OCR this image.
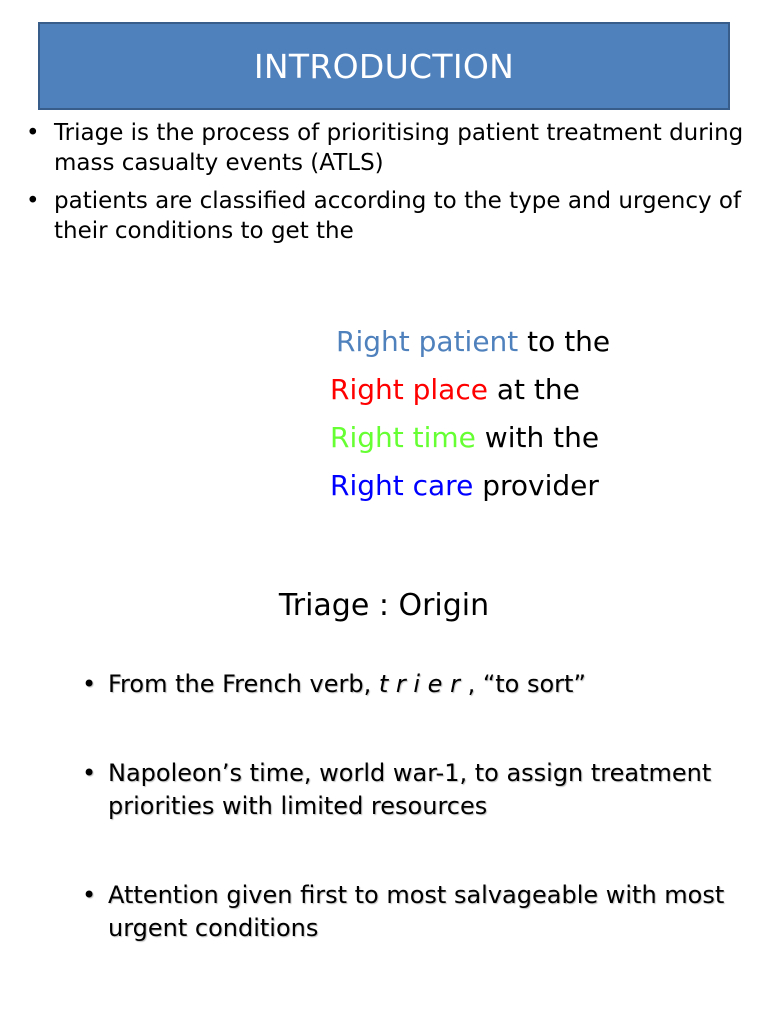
INTRODUCTION
• Triage is the process of prioritising patient treatment during mass casualty events (ATLS)
• patients are classified according to the type and urgency of their conditions to get the
Right patient to the
Right place at the
Right time with the
Right care provider
Triage : Origin
• From the French verb, t r i e r , “to sort”
• Napoleon’s time, world war-1, to assign treatment priorities with limited resources
• Attention given first to most salvageable with most urgent conditions
